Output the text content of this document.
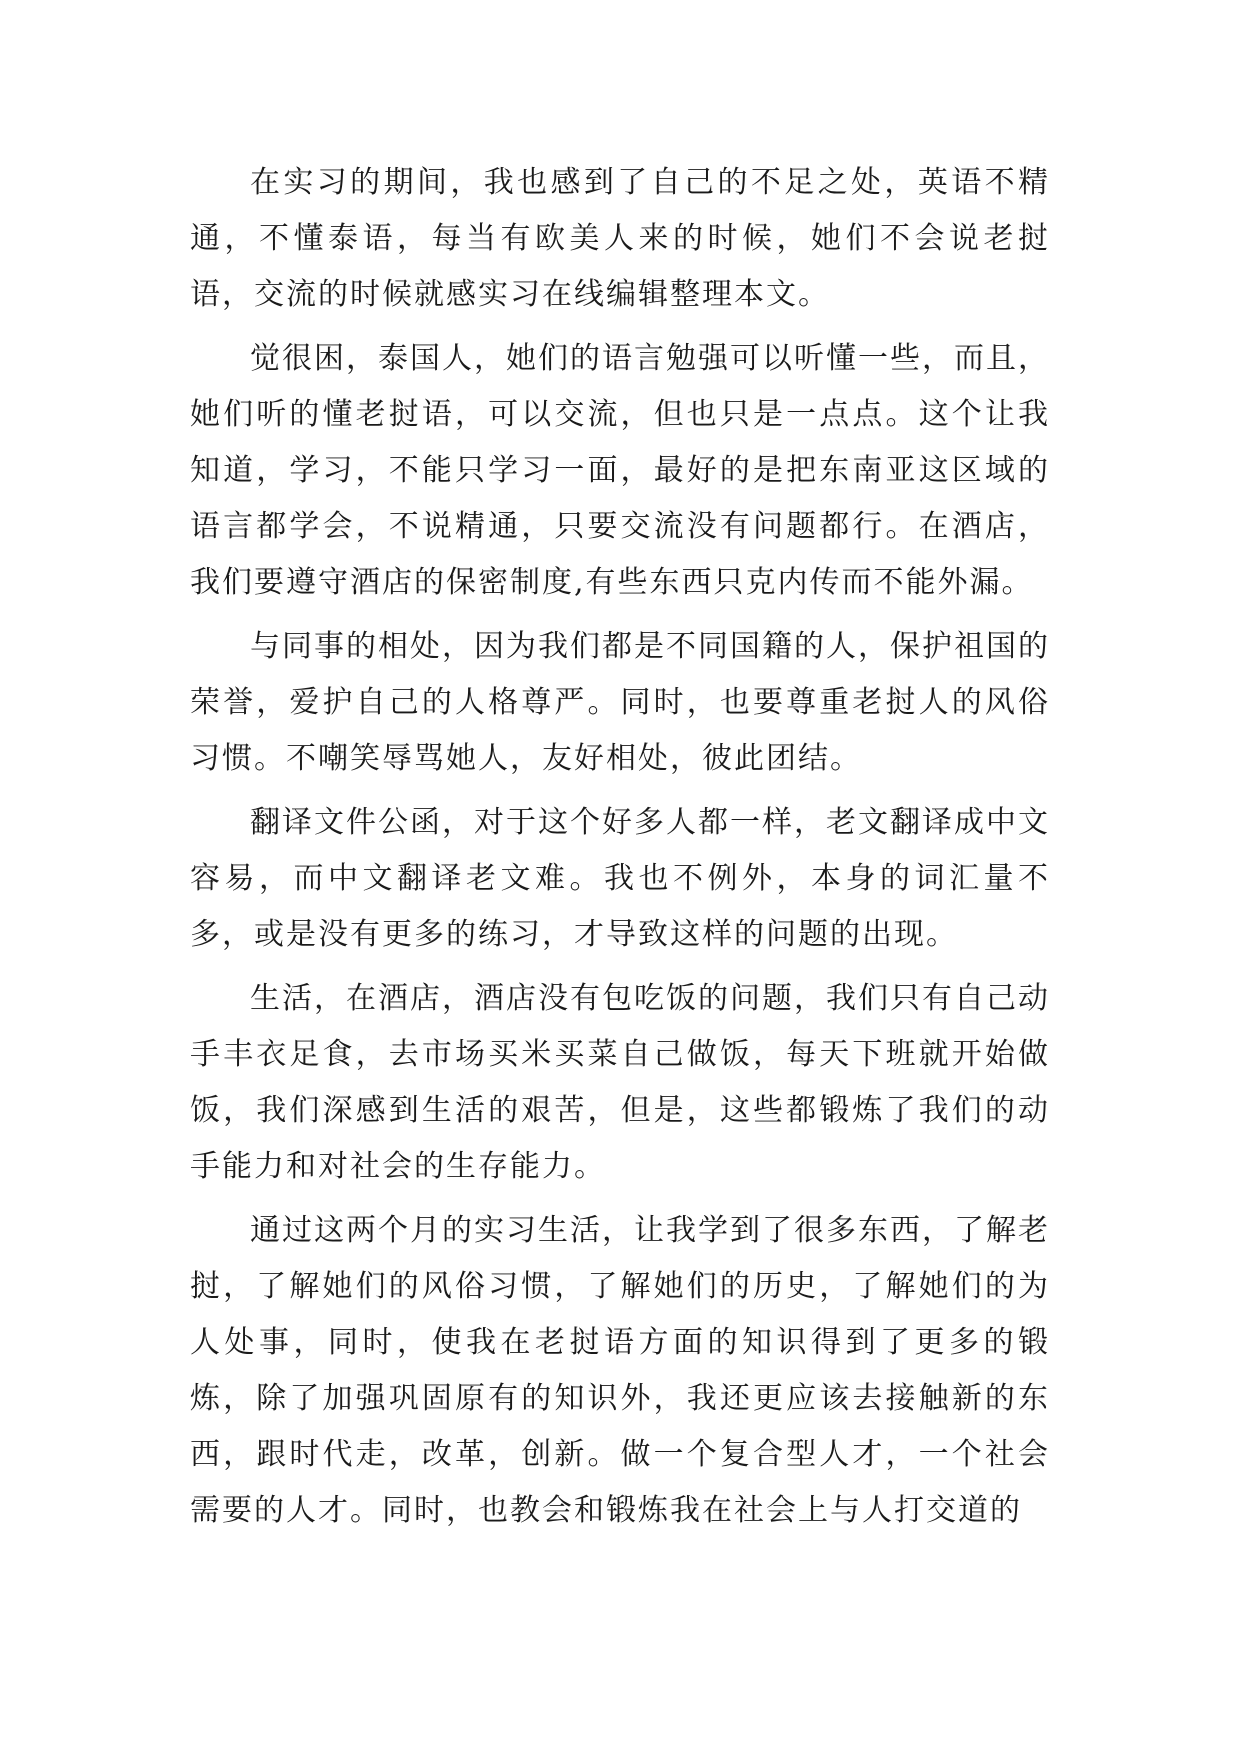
在实习的期间，我也感到了自己的不足之处，英语不精通，不懂泰语，每当有欧美人来的时候，她们不会说老挝语，交流的时候就感实习在线编辑整理本文。

觉很困，泰国人，她们的语言勉强可以听懂一些，而且，她们听的懂老挝语，可以交流，但也只是一点点。这个让我知道，学习，不能只学习一面，最好的是把东南亚这区域的语言都学会，不说精通，只要交流没有问题都行。在酒店，我们要遵守酒店的保密制度,有些东西只克内传而不能外漏。

与同事的相处，因为我们都是不同国籍的人，保护祖国的荣誉，爱护自己的人格尊严。同时，也要尊重老挝人的风俗习惯。不嘲笑辱骂她人，友好相处，彼此团结。

翻译文件公函，对于这个好多人都一样，老文翻译成中文容易，而中文翻译老文难。我也不例外，本身的词汇量不多，或是没有更多的练习，才导致这样的问题的出现。

生活，在酒店，酒店没有包吃饭的问题，我们只有自己动手丰衣足食，去市场买米买菜自己做饭，每天下班就开始做饭，我们深感到生活的艰苦，但是，这些都锻炼了我们的动手能力和对社会的生存能力。

通过这两个月的实习生活，让我学到了很多东西，了解老挝，了解她们的风俗习惯，了解她们的历史，了解她们的为人处事，同时，使我在老挝语方面的知识得到了更多的锻炼，除了加强巩固原有的知识外，我还更应该去接触新的东西，跟时代走，改革，创新。做一个复合型人才，一个社会需要的人才。同时，也教会和锻炼我在社会上与人打交道的
